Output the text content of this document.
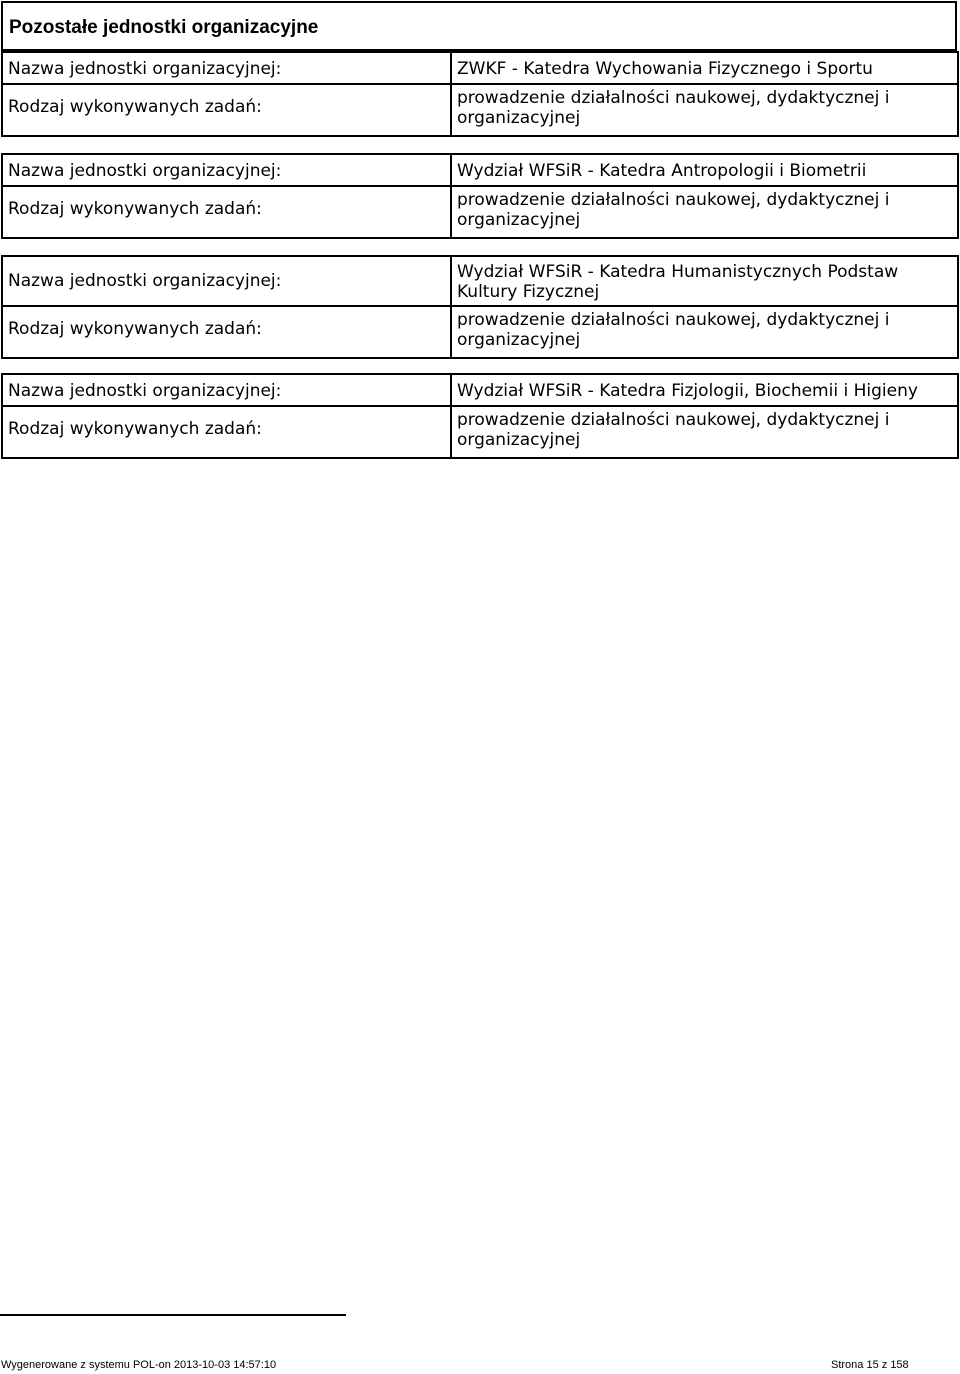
Pozostałe jednostki organizacyjne
Nazwa jednostki organizacyjnej:	ZWKF - Katedra Wychowania Fizycznego i Sportu
Rodzaj wykonywanych zadań:	prowadzenie działalności naukowej, dydaktycznej i organizacyjnej
Nazwa jednostki organizacyjnej:	Wydział WFSiR - Katedra Antropologii i Biometrii
Rodzaj wykonywanych zadań:	prowadzenie działalności naukowej, dydaktycznej i organizacyjnej
Nazwa jednostki organizacyjnej:	Wydział WFSiR - Katedra Humanistycznych Podstaw Kultury Fizycznej
Rodzaj wykonywanych zadań:	prowadzenie działalności naukowej, dydaktycznej i organizacyjnej
Nazwa jednostki organizacyjnej:	Wydział WFSiR - Katedra Fizjologii, Biochemii i Higieny
Rodzaj wykonywanych zadań:	prowadzenie działalności naukowej, dydaktycznej i organizacyjnej
Wygenerowane z systemu POL-on 2013-10-03 14:57:10	Strona 15 z 158
